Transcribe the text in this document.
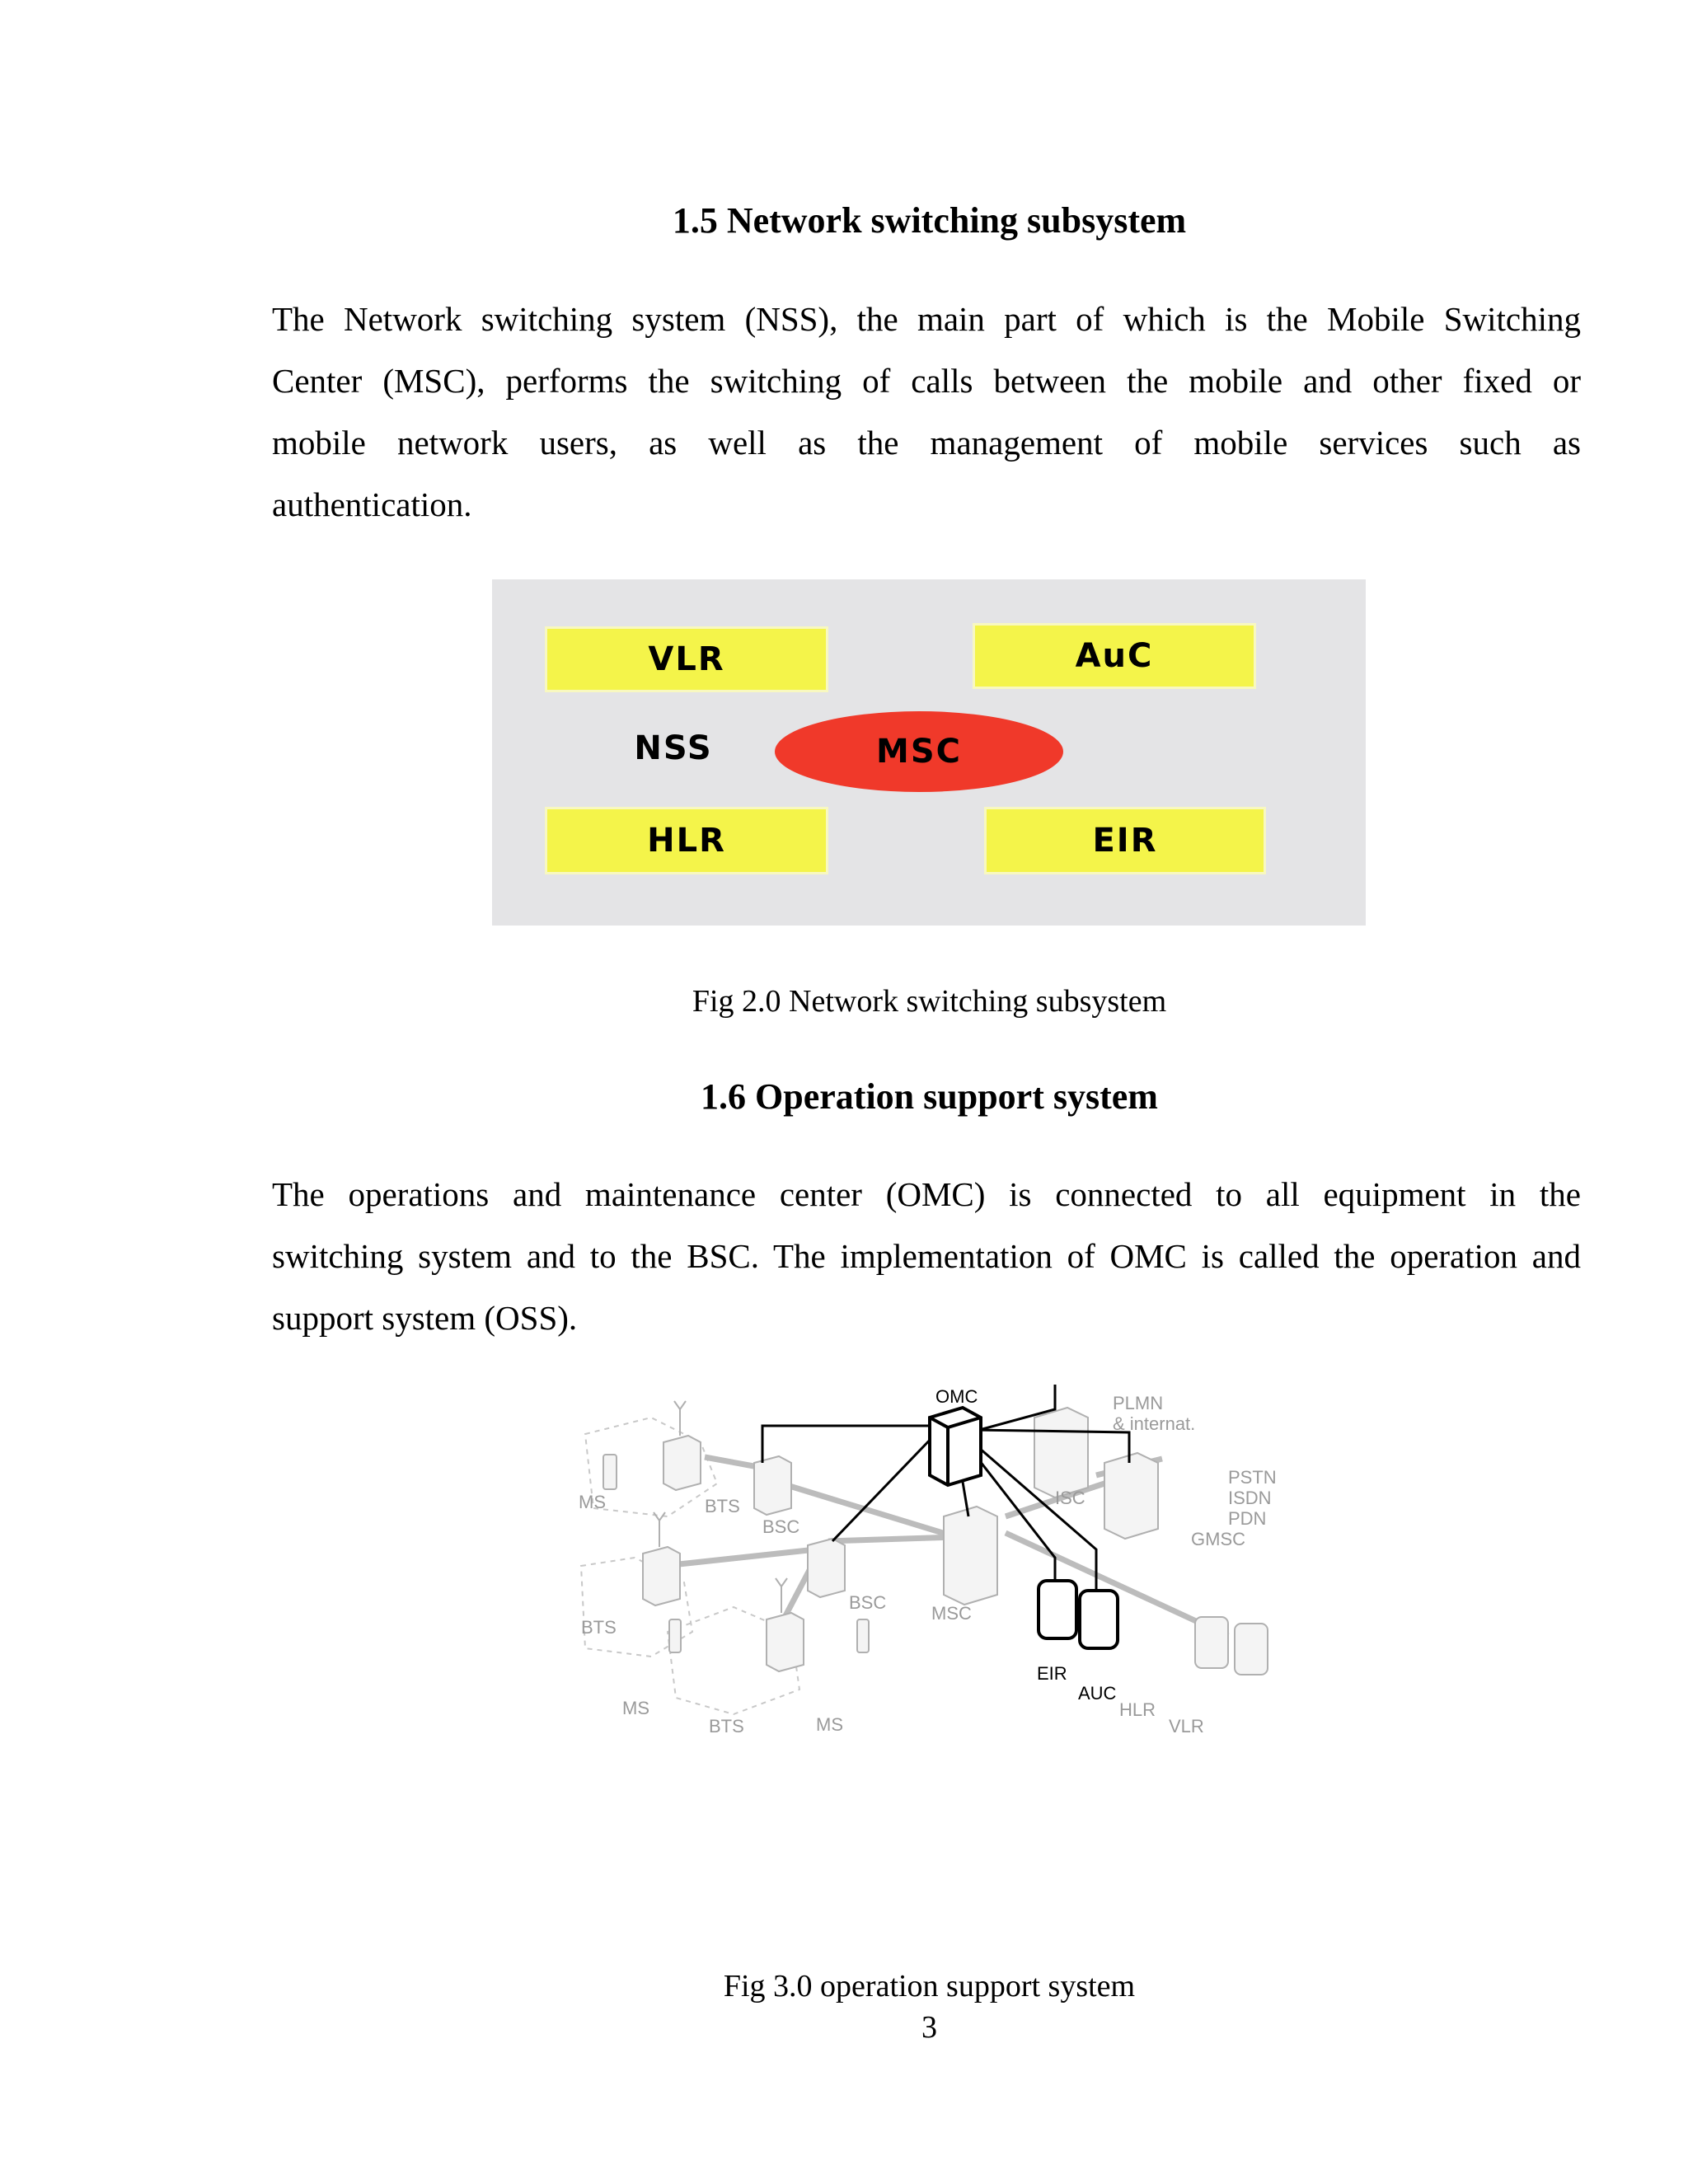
1.5 Network switching subsystem
The Network switching system (NSS), the main part of which is the Mobile Switching
Center (MSC), performs the switching of calls between the mobile and other fixed or
mobile network users, as well as the management of mobile services such as
authentication.
VLR	AuC
NSS	MSC
HLR	EIR
Fig 2.0 Network switching subsystem
1.6 Operation support system
The operations and maintenance center (OMC) is connected to all equipment in the
switching system and to the BSC. The implementation of OMC is called the operation and
support system (OSS).
OMC	PLMN
& internat.
PSTN
ISDN
PDN
GMSC
ISC
MS	BTS
BSC
MSC
BTS
BSC
MS
BTS	MS
EIR
AUC
HLR
VLR
Fig 3.0 operation support system
3
